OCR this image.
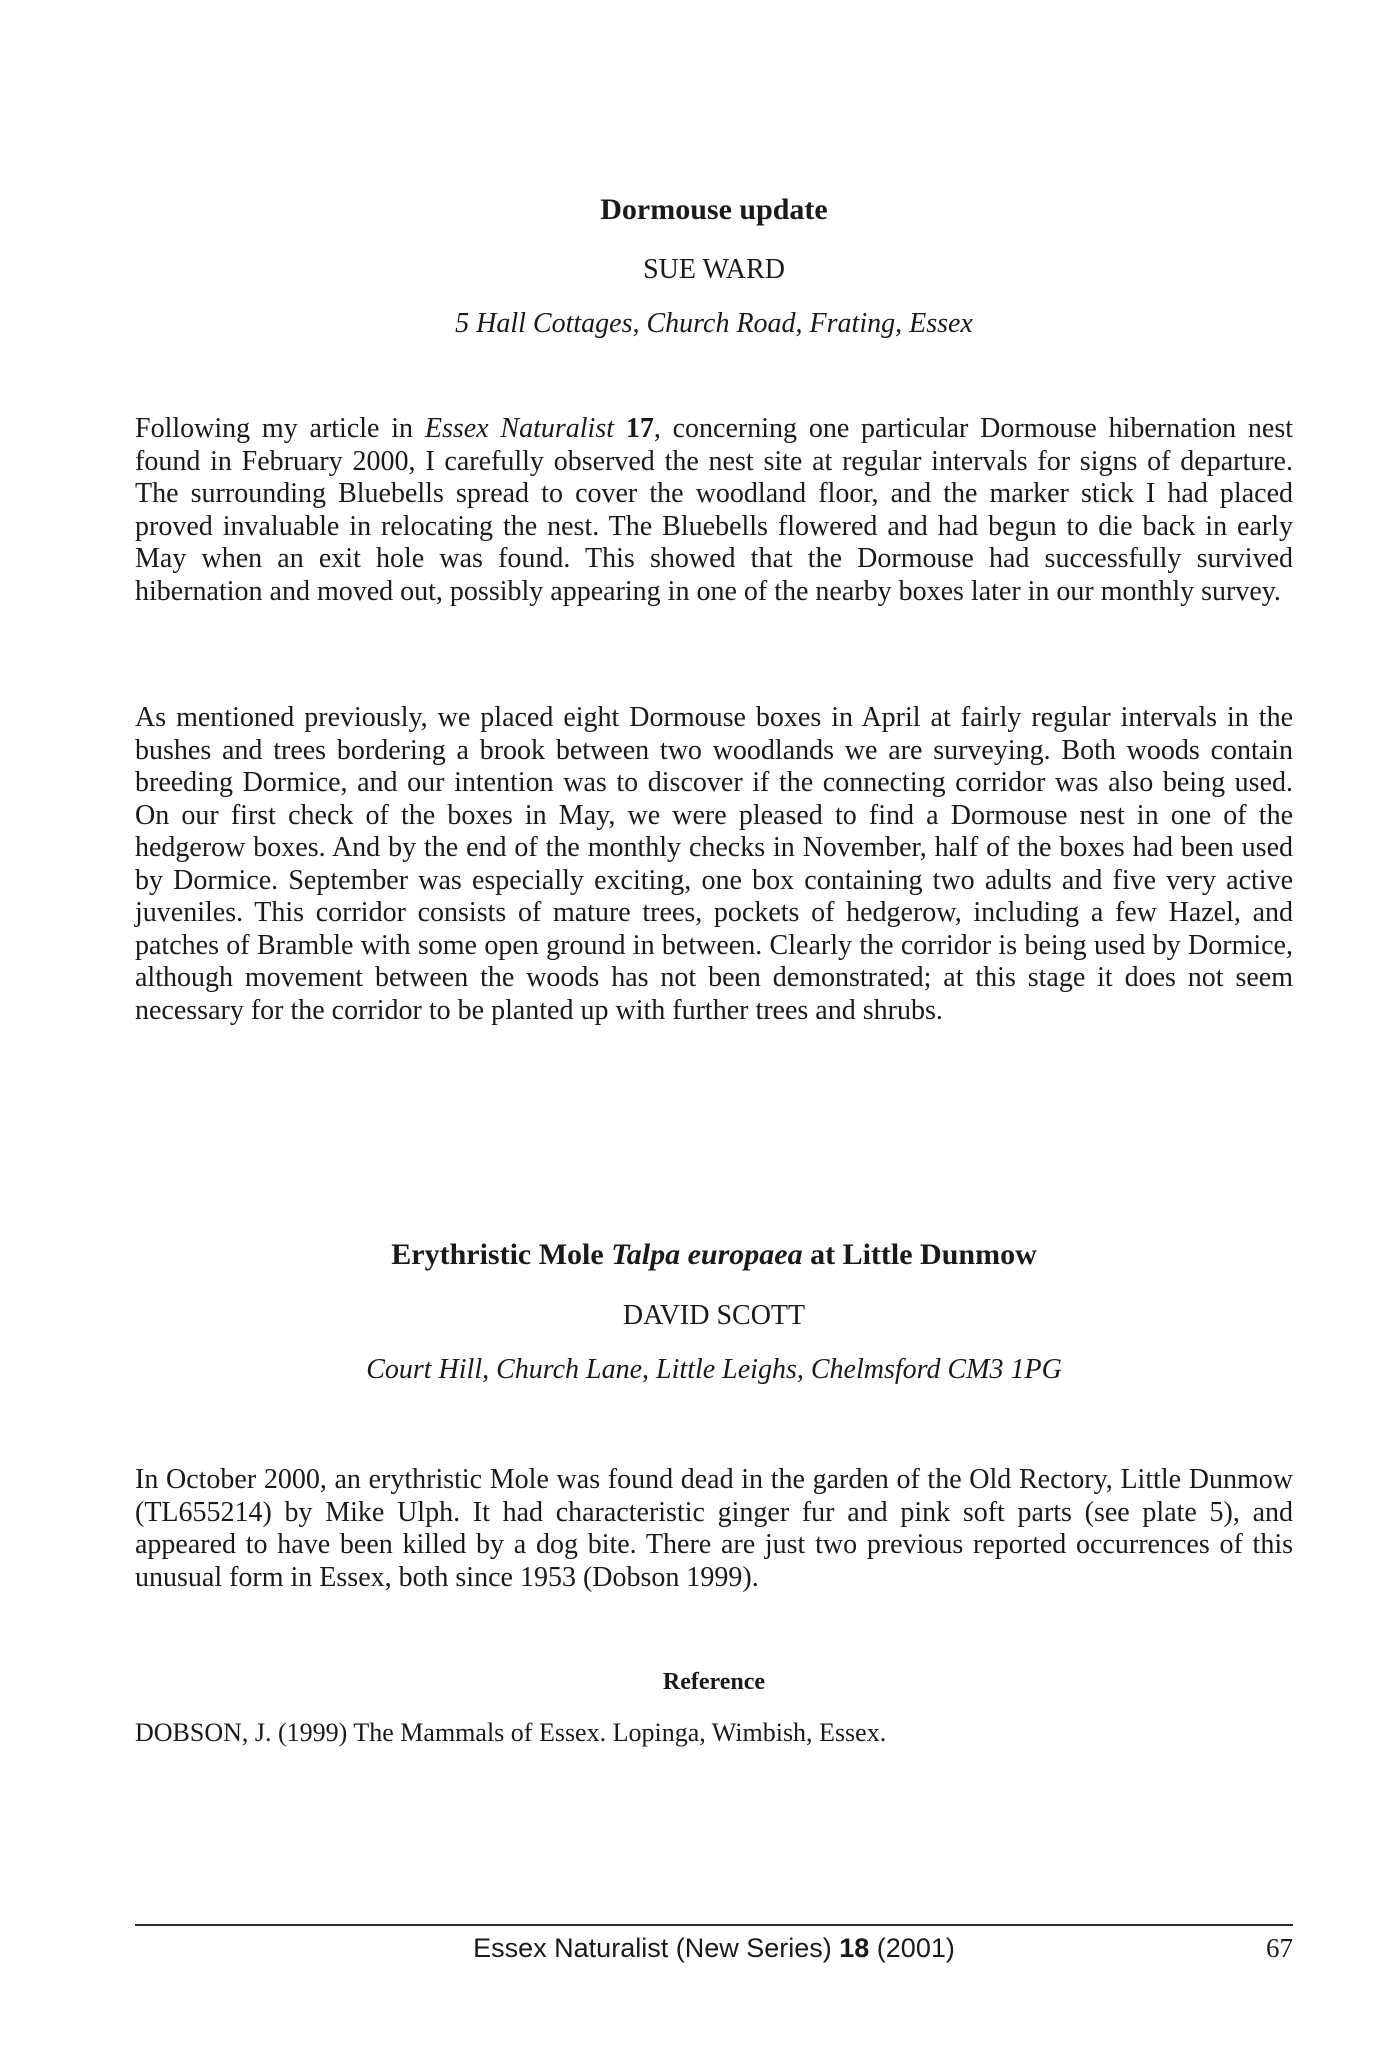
Dormouse update

SUE WARD

5 Hall Cottages, Church Road, Frating, Essex

Following my article in Essex Naturalist 17, concerning one particular Dormouse hibernation nest found in February 2000, I carefully observed the nest site at regular intervals for signs of departure. The surrounding Bluebells spread to cover the woodland floor, and the marker stick I had placed proved invaluable in relocating the nest. The Bluebells flowered and had begun to die back in early May when an exit hole was found. This showed that the Dormouse had successfully survived hibernation and moved out, possibly appearing in one of the nearby boxes later in our monthly survey.

As mentioned previously, we placed eight Dormouse boxes in April at fairly regular intervals in the bushes and trees bordering a brook between two woodlands we are surveying. Both woods contain breeding Dormice, and our intention was to discover if the connecting corridor was also being used. On our first check of the boxes in May, we were pleased to find a Dormouse nest in one of the hedgerow boxes. And by the end of the monthly checks in November, half of the boxes had been used by Dormice. September was especially exciting, one box containing two adults and five very active juveniles. This corridor consists of mature trees, pockets of hedgerow, including a few Hazel, and patches of Bramble with some open ground in between. Clearly the corridor is being used by Dormice, although movement between the woods has not been demonstrated; at this stage it does not seem necessary for the corridor to be planted up with further trees and shrubs.

Erythristic Mole Talpa europaea at Little Dunmow

DAVID SCOTT

Court Hill, Church Lane, Little Leighs, Chelmsford CM3 1PG

In October 2000, an erythristic Mole was found dead in the garden of the Old Rectory, Little Dunmow (TL655214) by Mike Ulph. It had characteristic ginger fur and pink soft parts (see plate 5), and appeared to have been killed by a dog bite. There are just two previous reported occurrences of this unusual form in Essex, both since 1953 (Dobson 1999).

Reference

DOBSON, J. (1999) The Mammals of Essex. Lopinga, Wimbish, Essex.

Essex Naturalist (New Series) 18 (2001)	67
